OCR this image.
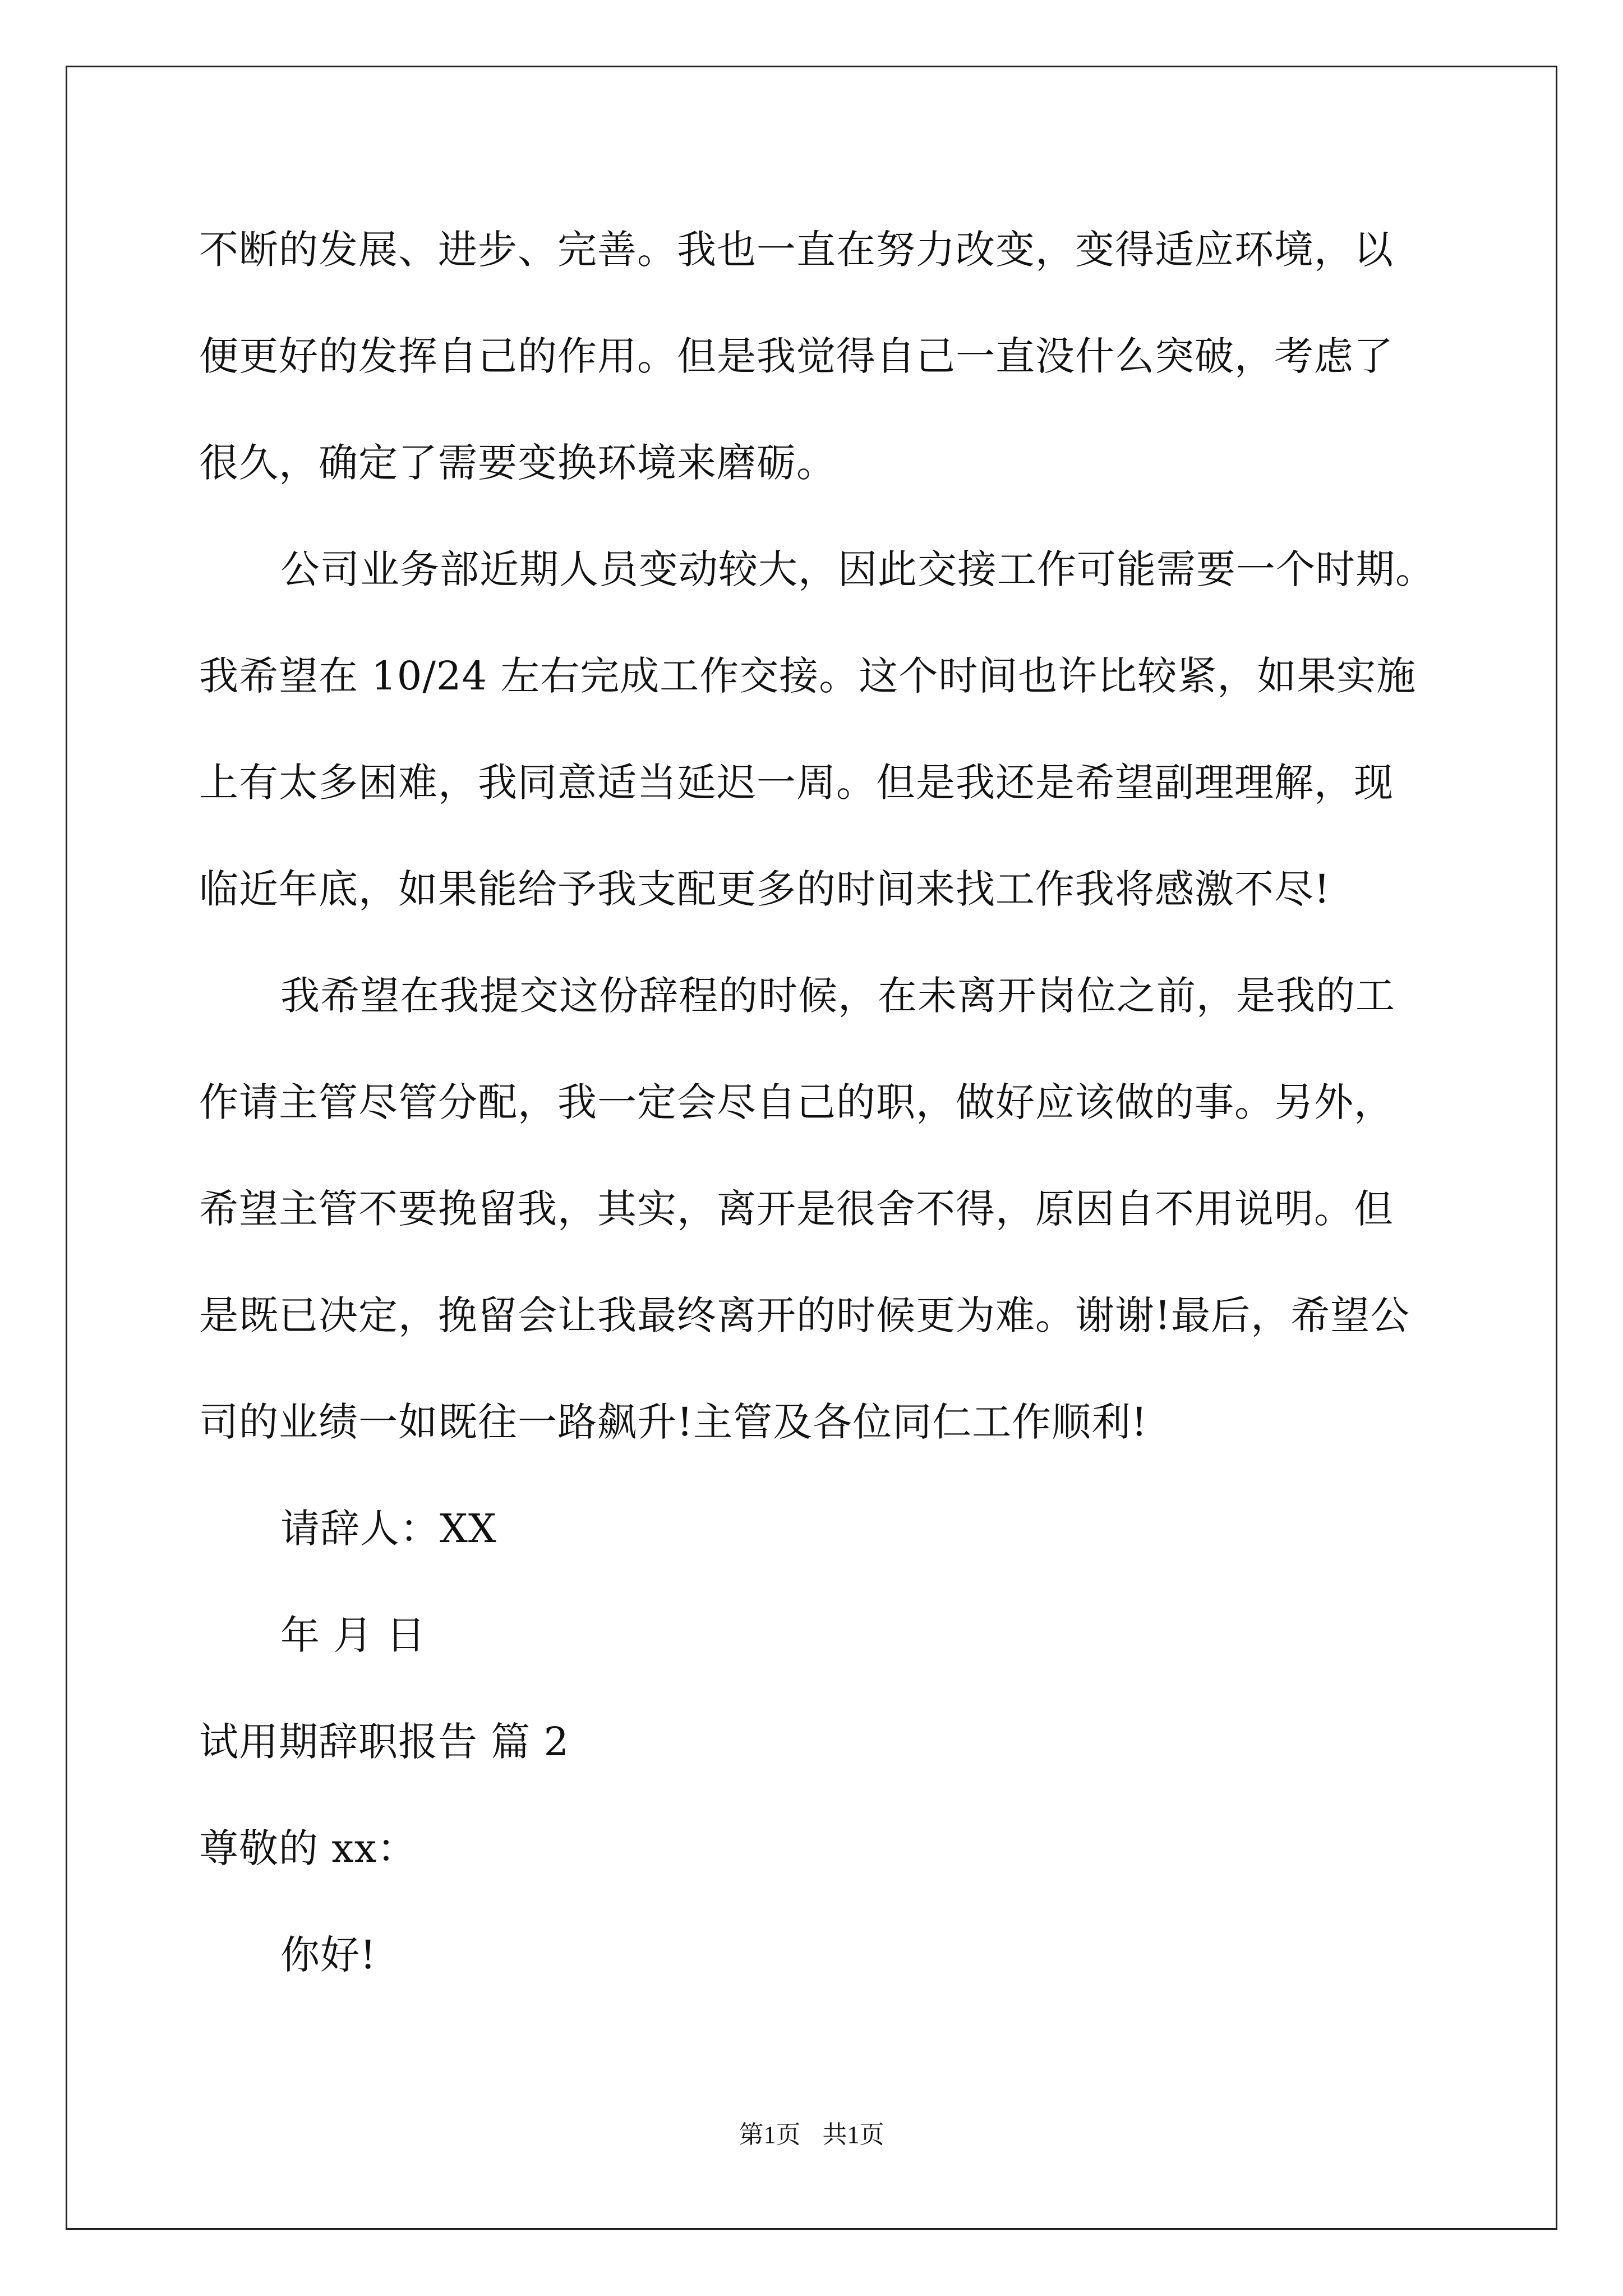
不断的发展、进步、完善。我也一直在努力改变，变得适应环境，以
便更好的发挥自己的作用。但是我觉得自己一直没什么突破，考虑了
很久，确定了需要变换环境来磨砺。
公司业务部近期人员变动较大，因此交接工作可能需要一个时期。
我希望在 10/24 左右完成工作交接。这个时间也许比较紧，如果实施
上有太多困难，我同意适当延迟一周。但是我还是希望副理理解，现
临近年底，如果能给予我支配更多的时间来找工作我将感激不尽!
我希望在我提交这份辞程的时候，在未离开岗位之前，是我的工
作请主管尽管分配，我一定会尽自己的职，做好应该做的事。另外，
希望主管不要挽留我，其实，离开是很舍不得，原因自不用说明。但
是既已决定，挽留会让我最终离开的时候更为难。谢谢!最后，希望公
司的业绩一如既往一路飙升!主管及各位同仁工作顺利!
请辞人：XX
年 月 日
试用期辞职报告 篇 2
尊敬的 xx：
你好!
第1页 共1页
